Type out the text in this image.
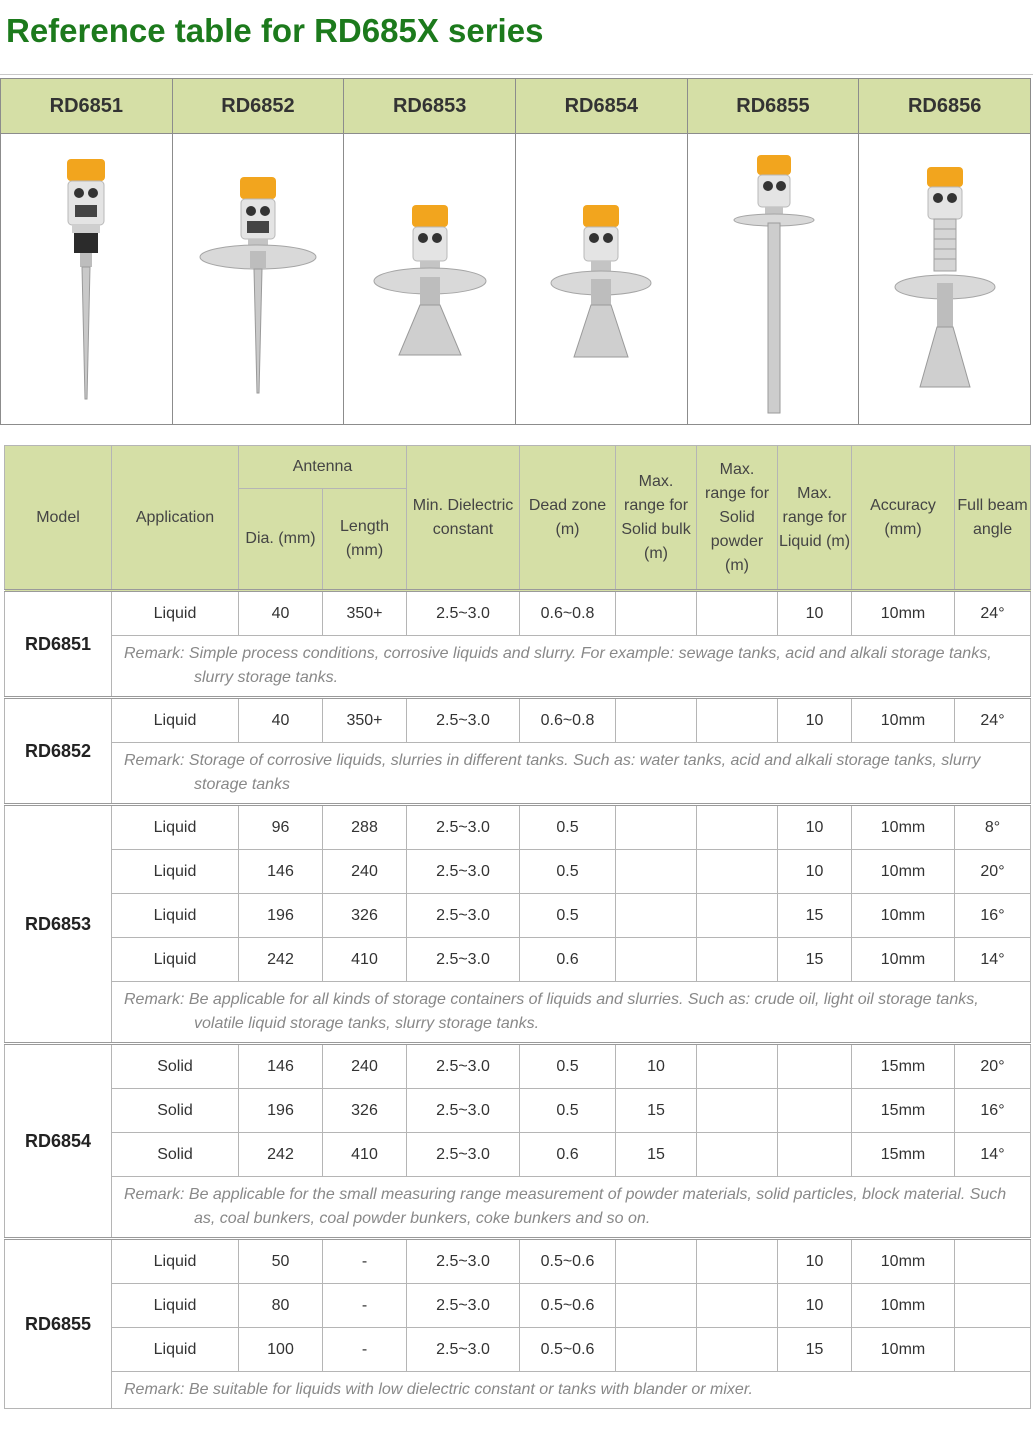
Reference table for RD685X series
RD6851	RD6852	RD6853	RD6854	RD6855	RD6856

Model	Application	Antenna		Min. Dielectric constant	Dead zone (m)	Max. range for Solid bulk (m)	Max. range for Solid powder (m)	Max. range for Liquid (m)	Accuracy (mm)	Full beam angle
		Dia. (mm)	Length (mm)							
RD6851	Liquid	40	350+	2.5~3.0	0.6~0.8			10	10mm	24°

	Remark: Simple process conditions, corrosive liquids and slurry. For example: sewage tanks, acid and alkali storage tanks, slurry storage tanks.									

RD6852	Liquid	40	350+	2.5~3.0	0.6~0.8			10	10mm	24°

	Remark: Storage of corrosive liquids, slurries in different tanks. Such as: water tanks, acid and alkali storage tanks, slurry storage tanks									

RD6853	Liquid	96	288	2.5~3.0	0.5			10	10mm	8°
	Liquid	146	240	2.5~3.0	0.5			10	10mm	20°
	Liquid	196	326	2.5~3.0	0.5			15	10mm	16°
	Liquid	242	410	2.5~3.0	0.6			15	10mm	14°

	Remark: Be applicable for all kinds of storage containers of liquids and slurries. Such as: crude oil, light oil storage tanks, volatile liquid storage tanks, slurry storage tanks.									

RD6854	Solid	146	240	2.5~3.0	0.5	10			15mm	20°
	Solid	196	326	2.5~3.0	0.5	15			15mm	16°
	Solid	242	410	2.5~3.0	0.6	15			15mm	14°

	Remark: Be applicable for the small measuring range measurement of powder materials, solid particles, block material. Such as, coal bunkers, coal powder bunkers, coke bunkers and so on.									

RD6855	Liquid	50	-	2.5~3.0	0.5~0.6			10	10mm	
	Liquid	80	-	2.5~3.0	0.5~0.6			10	10mm	
	Liquid	100	-	2.5~3.0	0.5~0.6			15	10mm	

	Remark: Be suitable for liquids with low dielectric constant or tanks with blander or mixer.									
